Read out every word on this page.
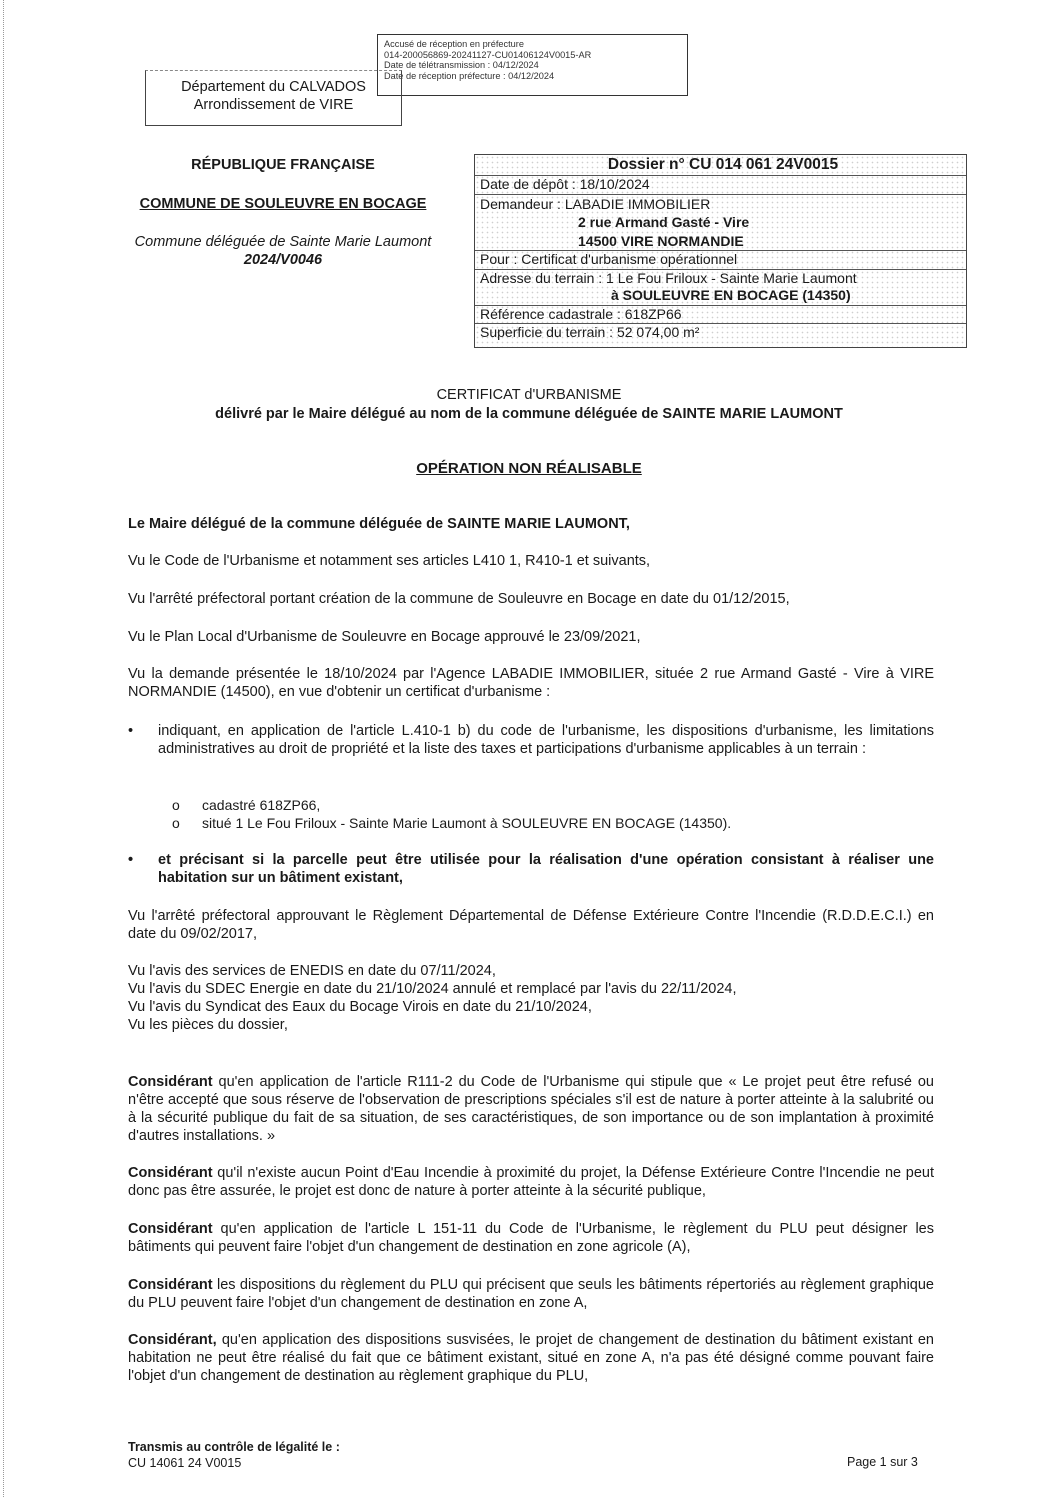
Accusé de réception en préfecture
014-200056869-20241127-CU01406124V0015-AR
Date de télétransmission : 04/12/2024
Date de réception préfecture : 04/12/2024
Département du CALVADOS
Arrondissement de VIRE
RÉPUBLIQUE FRANÇAISE
COMMUNE DE SOULEUVRE EN BOCAGE
Commune déléguée de Sainte Marie Laumont
2024/V0046
Dossier n° CU 014 061 24V0015
Date de dépôt : 18/10/2024
Demandeur : LABADIE IMMOBILIER
2 rue Armand Gasté - Vire
14500 VIRE NORMANDIE
Pour : Certificat d'urbanisme opérationnel
Adresse du terrain : 1 Le Fou Friloux - Sainte Marie Laumont
à SOULEUVRE EN BOCAGE (14350)
Référence cadastrale : 618ZP66
Superficie du terrain : 52 074,00 m²
CERTIFICAT d'URBANISME
délivré par le Maire délégué au nom de la commune déléguée de SAINTE MARIE LAUMONT
OPÉRATION NON RÉALISABLE
Le Maire délégué de la commune déléguée de SAINTE MARIE LAUMONT,
Vu le Code de l'Urbanisme et notamment ses articles L410 1, R410-1 et suivants,
Vu l'arrêté préfectoral portant création de la commune de Souleuvre en Bocage en date du 01/12/2015,
Vu le Plan Local d'Urbanisme de Souleuvre en Bocage approuvé le 23/09/2021,
Vu la demande présentée le 18/10/2024 par l'Agence LABADIE IMMOBILIER, située 2 rue Armand Gasté - Vire à VIRE NORMANDIE (14500), en vue d'obtenir un certificat d'urbanisme :
• indiquant, en application de l'article L.410-1 b) du code de l'urbanisme, les dispositions d'urbanisme, les limitations administratives au droit de propriété et la liste des taxes et participations d'urbanisme applicables à un terrain :
o cadastré 618ZP66,
o situé 1 Le Fou Friloux - Sainte Marie Laumont à SOULEUVRE EN BOCAGE (14350).
• et précisant si la parcelle peut être utilisée pour la réalisation d'une opération consistant à réaliser une habitation sur un bâtiment existant,
Vu l'arrêté préfectoral approuvant le Règlement Départemental de Défense Extérieure Contre l'Incendie (R.D.D.E.C.I.) en date du 09/02/2017,
Vu l'avis des services de ENEDIS en date du 07/11/2024,
Vu l'avis du SDEC Energie en date du 21/10/2024 annulé et remplacé par l'avis du 22/11/2024,
Vu l'avis du Syndicat des Eaux du Bocage Virois en date du 21/10/2024,
Vu les pièces du dossier,
Considérant qu'en application de l'article R111-2 du Code de l'Urbanisme qui stipule que « Le projet peut être refusé ou n'être accepté que sous réserve de l'observation de prescriptions spéciales s'il est de nature à porter atteinte à la salubrité ou à la sécurité publique du fait de sa situation, de ses caractéristiques, de son importance ou de son implantation à proximité d'autres installations. »
Considérant qu'il n'existe aucun Point d'Eau Incendie à proximité du projet, la Défense Extérieure Contre l'Incendie ne peut donc pas être assurée, le projet est donc de nature à porter atteinte à la sécurité publique,
Considérant qu'en application de l'article L 151-11 du Code de l'Urbanisme, le règlement du PLU peut désigner les bâtiments qui peuvent faire l'objet d'un changement de destination en zone agricole (A),
Considérant les dispositions du règlement du PLU qui précisent que seuls les bâtiments répertoriés au règlement graphique du PLU peuvent faire l'objet d'un changement de destination en zone A,
Considérant, qu'en application des dispositions susvisées, le projet de changement de destination du bâtiment existant en habitation ne peut être réalisé du fait que ce bâtiment existant, situé en zone A, n'a pas été désigné comme pouvant faire l'objet d'un changement de destination au règlement graphique du PLU,
Transmis au contrôle de légalité le :
CU 14061 24 V0015	Page 1 sur 3
